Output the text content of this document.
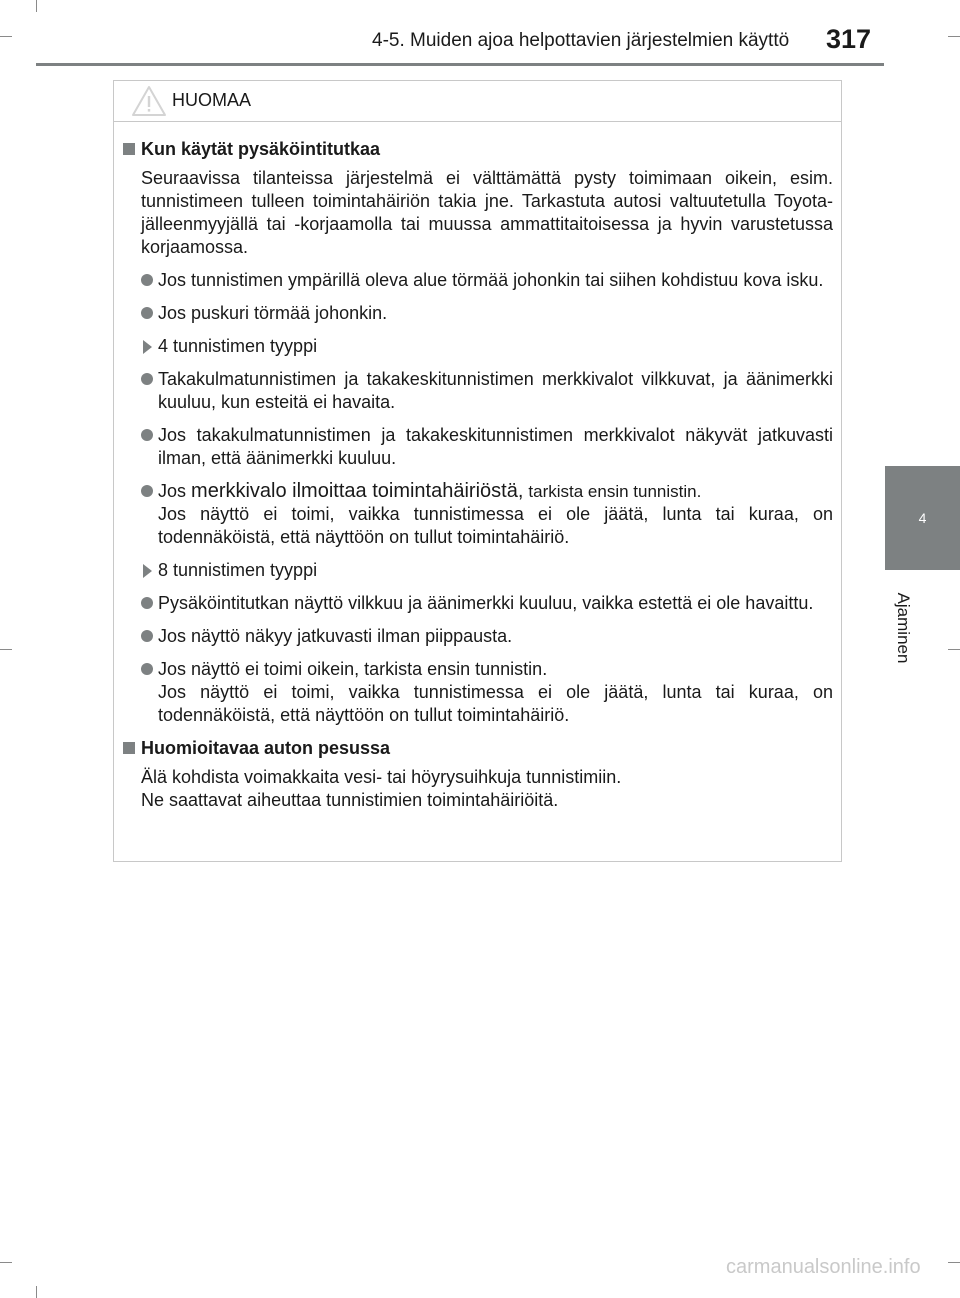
4-5. Muiden ajoa helpottavien järjestelmien käyttö 317
4
Ajaminen
HUOMAA
Kun käytät pysäköintitutkaa
Seuraavissa tilanteissa järjestelmä ei välttämättä pysty toimimaan oikein, esim. tunnistimeen tulleen toimintahäiriön takia jne. Tarkastuta autosi valtuutetulla Toyota-jälleenmyyjällä tai -korjaamolla tai muussa ammattitaitoisessa ja hyvin varustetussa korjaamossa.
Jos tunnistimen ympärillä oleva alue törmää johonkin tai siihen kohdistuu kova isku.
Jos puskuri törmää johonkin.
4 tunnistimen tyyppi
Takakulmatunnistimen ja takakeskitunnistimen merkkivalot vilkkuvat, ja äänimerkki kuuluu, kun esteitä ei havaita.
Jos takakulmatunnistimen ja takakeskitunnistimen merkkivalot näkyvät jatkuvasti ilman, että äänimerkki kuuluu.
Jos merkkivalo ilmoittaa toimintahäiriöstä, tarkista ensin tunnistin.
Jos näyttö ei toimi, vaikka tunnistimessa ei ole jäätä, lunta tai kuraa, on todennäköistä, että näyttöön on tullut toimintahäiriö.
8 tunnistimen tyyppi
Pysäköintitutkan näyttö vilkkuu ja äänimerkki kuuluu, vaikka estettä ei ole havaittu.
Jos näyttö näkyy jatkuvasti ilman piippausta.
Jos näyttö ei toimi oikein, tarkista ensin tunnistin.
Jos näyttö ei toimi, vaikka tunnistimessa ei ole jäätä, lunta tai kuraa, on todennäköistä, että näyttöön on tullut toimintahäiriö.
Huomioitavaa auton pesussa
Älä kohdista voimakkaita vesi- tai höyrysuihkuja tunnistimiin.
Ne saattavat aiheuttaa tunnistimien toimintahäiriöitä.
carmanualsonline.info
